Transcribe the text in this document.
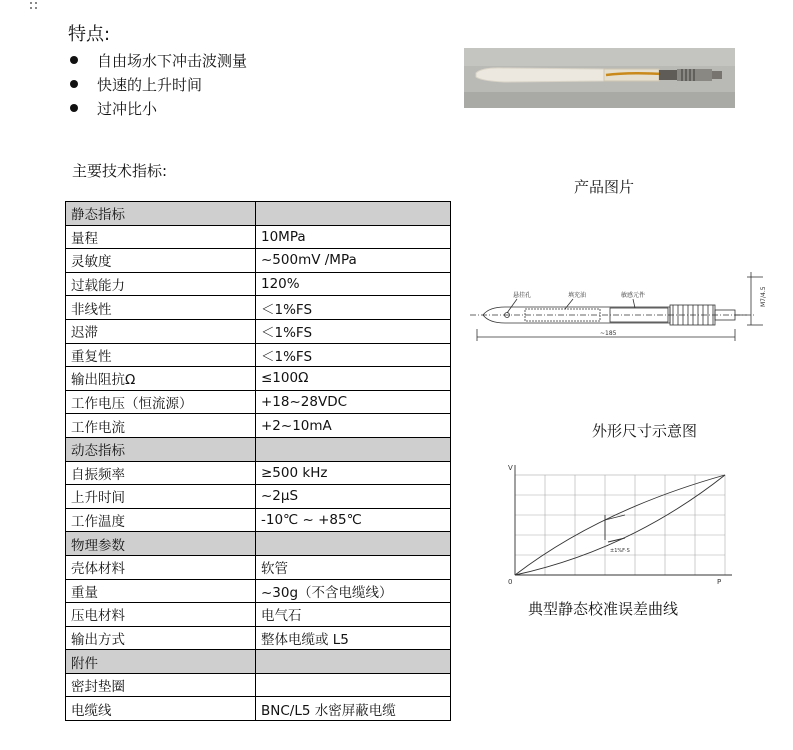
特点:
自由场水下冲击波测量
快速的上升时间
过冲比小
主要技术指标:
静态指标	
量程	10MPa
灵敏度	~500mV /MPa
过载能力	120%
非线性	＜1%FS
迟滞	＜1%FS
重复性	＜1%FS
输出阻抗Ω	≤100Ω
工作电压（恒流源）	+18~28VDC
工作电流	+2~10mA
动态指标	
自振频率	≥500 kHz
上升时间	~2μS
工作温度	-10℃ ~ +85℃
物理参数	
壳体材料	软管
重量	~30g（不含电缆线）
压电材料	电气石
输出方式	整体电缆或 L5
附件	
密封垫圈	
电缆线	BNC/L5 水密屏蔽电缆
产品图片
悬挂孔	填充油	敏感元件
~185
M7/4.5
外形尺寸示意图
V
P
0
±1%F·S
典型静态校准误差曲线
